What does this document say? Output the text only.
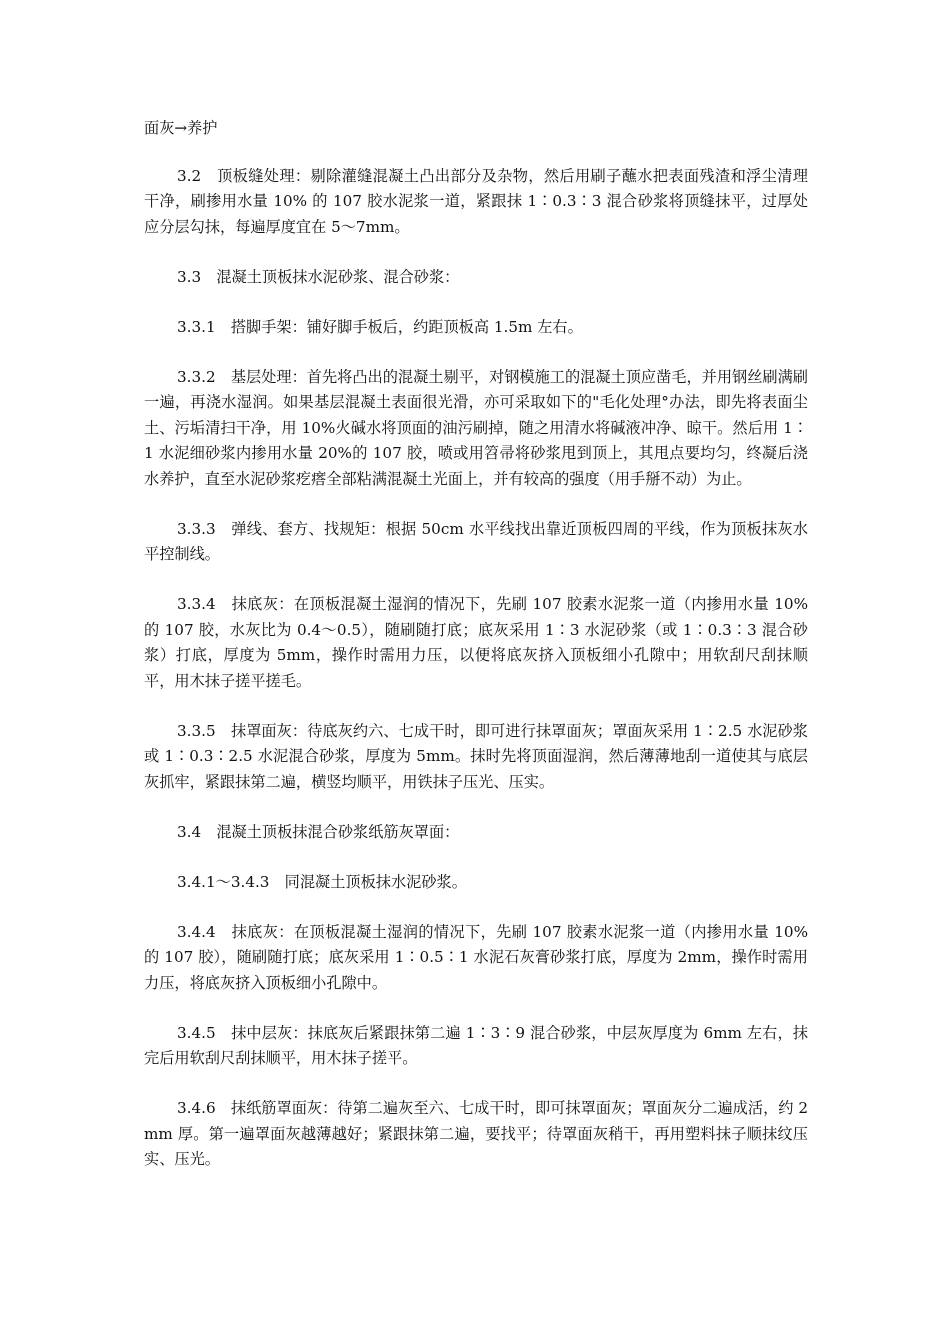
面灰→养护

3.2　顶板缝处理：剔除灌缝混凝土凸出部分及杂物，然后用刷子蘸水把表面残渣和浮尘清理干净，刷掺用水量 10% 的 107 胶水泥浆一道，紧跟抹 1∶0.3∶3 混合砂浆将顶缝抹平，过厚处应分层勾抹，每遍厚度宜在 5～7mm。

3.3　混凝土顶板抹水泥砂浆、混合砂浆：

3.3.1　搭脚手架：铺好脚手板后，约距顶板高 1.5m 左右。

3.3.2　基层处理：首先将凸出的混凝土剔平，对钢模施工的混凝土顶应凿毛，并用钢丝刷满刷一遍，再浇水湿润。如果基层混凝土表面很光滑，亦可采取如下的"毛化处理°办法，即先将表面尘土、污垢清扫干净，用 10%火碱水将顶面的油污刷掉，随之用清水将碱液冲净、晾干。然后用 1∶1 水泥细砂浆内掺用水量 20%的 107 胶，喷或用笤帚将砂浆甩到顶上，其甩点要均匀，终凝后浇水养护，直至水泥砂浆疙瘩全部粘满混凝土光面上，并有较高的强度（用手掰不动）为止。

3.3.3　弹线、套方、找规矩：根据 50cm 水平线找出靠近顶板四周的平线，作为顶板抹灰水平控制线。

3.3.4　抹底灰：在顶板混凝土湿润的情况下，先刷 107 胶素水泥浆一道（内掺用水量 10%的 107 胶，水灰比为 0.4～0.5），随刷随打底；底灰采用 1∶3 水泥砂浆（或 1∶0.3∶3 混合砂浆）打底，厚度为 5mm，操作时需用力压，以便将底灰挤入顶板细小孔隙中；用软刮尺刮抹顺平，用木抹子搓平搓毛。

3.3.5　抹罩面灰：待底灰约六、七成干时，即可进行抹罩面灰；罩面灰采用 1∶2.5 水泥砂浆或 1∶0.3∶2.5 水泥混合砂浆，厚度为 5mm。抹时先将顶面湿润，然后薄薄地刮一道使其与底层灰抓牢，紧跟抹第二遍，横竖均顺平，用铁抹子压光、压实。

3.4　混凝土顶板抹混合砂浆纸筋灰罩面：

3.4.1～3.4.3　同混凝土顶板抹水泥砂浆。

3.4.4　抹底灰：在顶板混凝土湿润的情况下，先刷 107 胶素水泥浆一道（内掺用水量 10%的 107 胶），随刷随打底；底灰采用 1∶0.5∶1 水泥石灰膏砂浆打底，厚度为 2mm，操作时需用力压，将底灰挤入顶板细小孔隙中。

3.4.5　抹中层灰：抹底灰后紧跟抹第二遍 1∶3∶9 混合砂浆，中层灰厚度为 6mm 左右，抹完后用软刮尺刮抹顺平，用木抹子搓平。

3.4.6　抹纸筋罩面灰：待第二遍灰至六、七成干时，即可抹罩面灰；罩面灰分二遍成活，约 2mm 厚。第一遍罩面灰越薄越好；紧跟抹第二遍，要找平；待罩面灰稍干，再用塑料抹子顺抹纹压实、压光。
